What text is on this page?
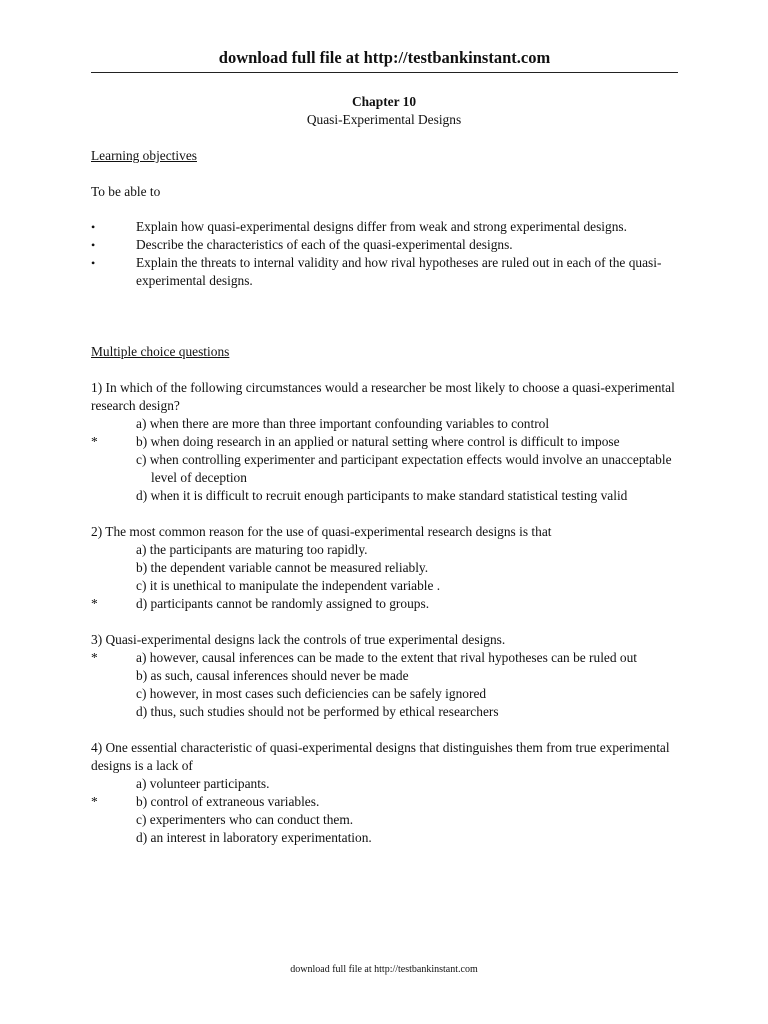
download full file at http://testbankinstant.com
Chapter 10
Quasi-Experimental Designs
Learning objectives
To be able to
•	Explain how quasi-experimental designs differ from weak and strong experimental designs.
•	Describe the characteristics of each of the quasi-experimental designs.
•	Explain the threats to internal validity and how rival hypotheses are ruled out in each of the quasi-experimental designs.
Multiple choice questions
1) In which of the following circumstances would a researcher be most likely to choose a quasi-experimental research design?
a) when there are more than three important confounding variables to control
*	b) when doing research in an applied or natural setting where control is difficult to impose
c) when controlling experimenter and participant expectation effects would involve an unacceptable level of deception
d) when it is difficult to recruit enough participants to make standard statistical testing valid
2) The most common reason for the use of quasi-experimental research designs is that
a) the participants are maturing too rapidly.
b) the dependent variable cannot be measured reliably.
c) it is unethical to manipulate the independent variable .
*	d) participants cannot be randomly assigned to groups.
3) Quasi-experimental designs lack the controls of true experimental designs.
*	a) however, causal inferences can be made to the extent that rival hypotheses can be ruled out
b) as such, causal inferences should never be made
c) however, in most cases such deficiencies can be safely ignored
d) thus, such studies should not be performed by ethical researchers
4) One essential characteristic of quasi-experimental designs that distinguishes them from true experimental designs is a lack of
a) volunteer participants.
*	b) control of extraneous variables.
c) experimenters who can conduct them.
d) an interest in laboratory experimentation.
download full file at http://testbankinstant.com
